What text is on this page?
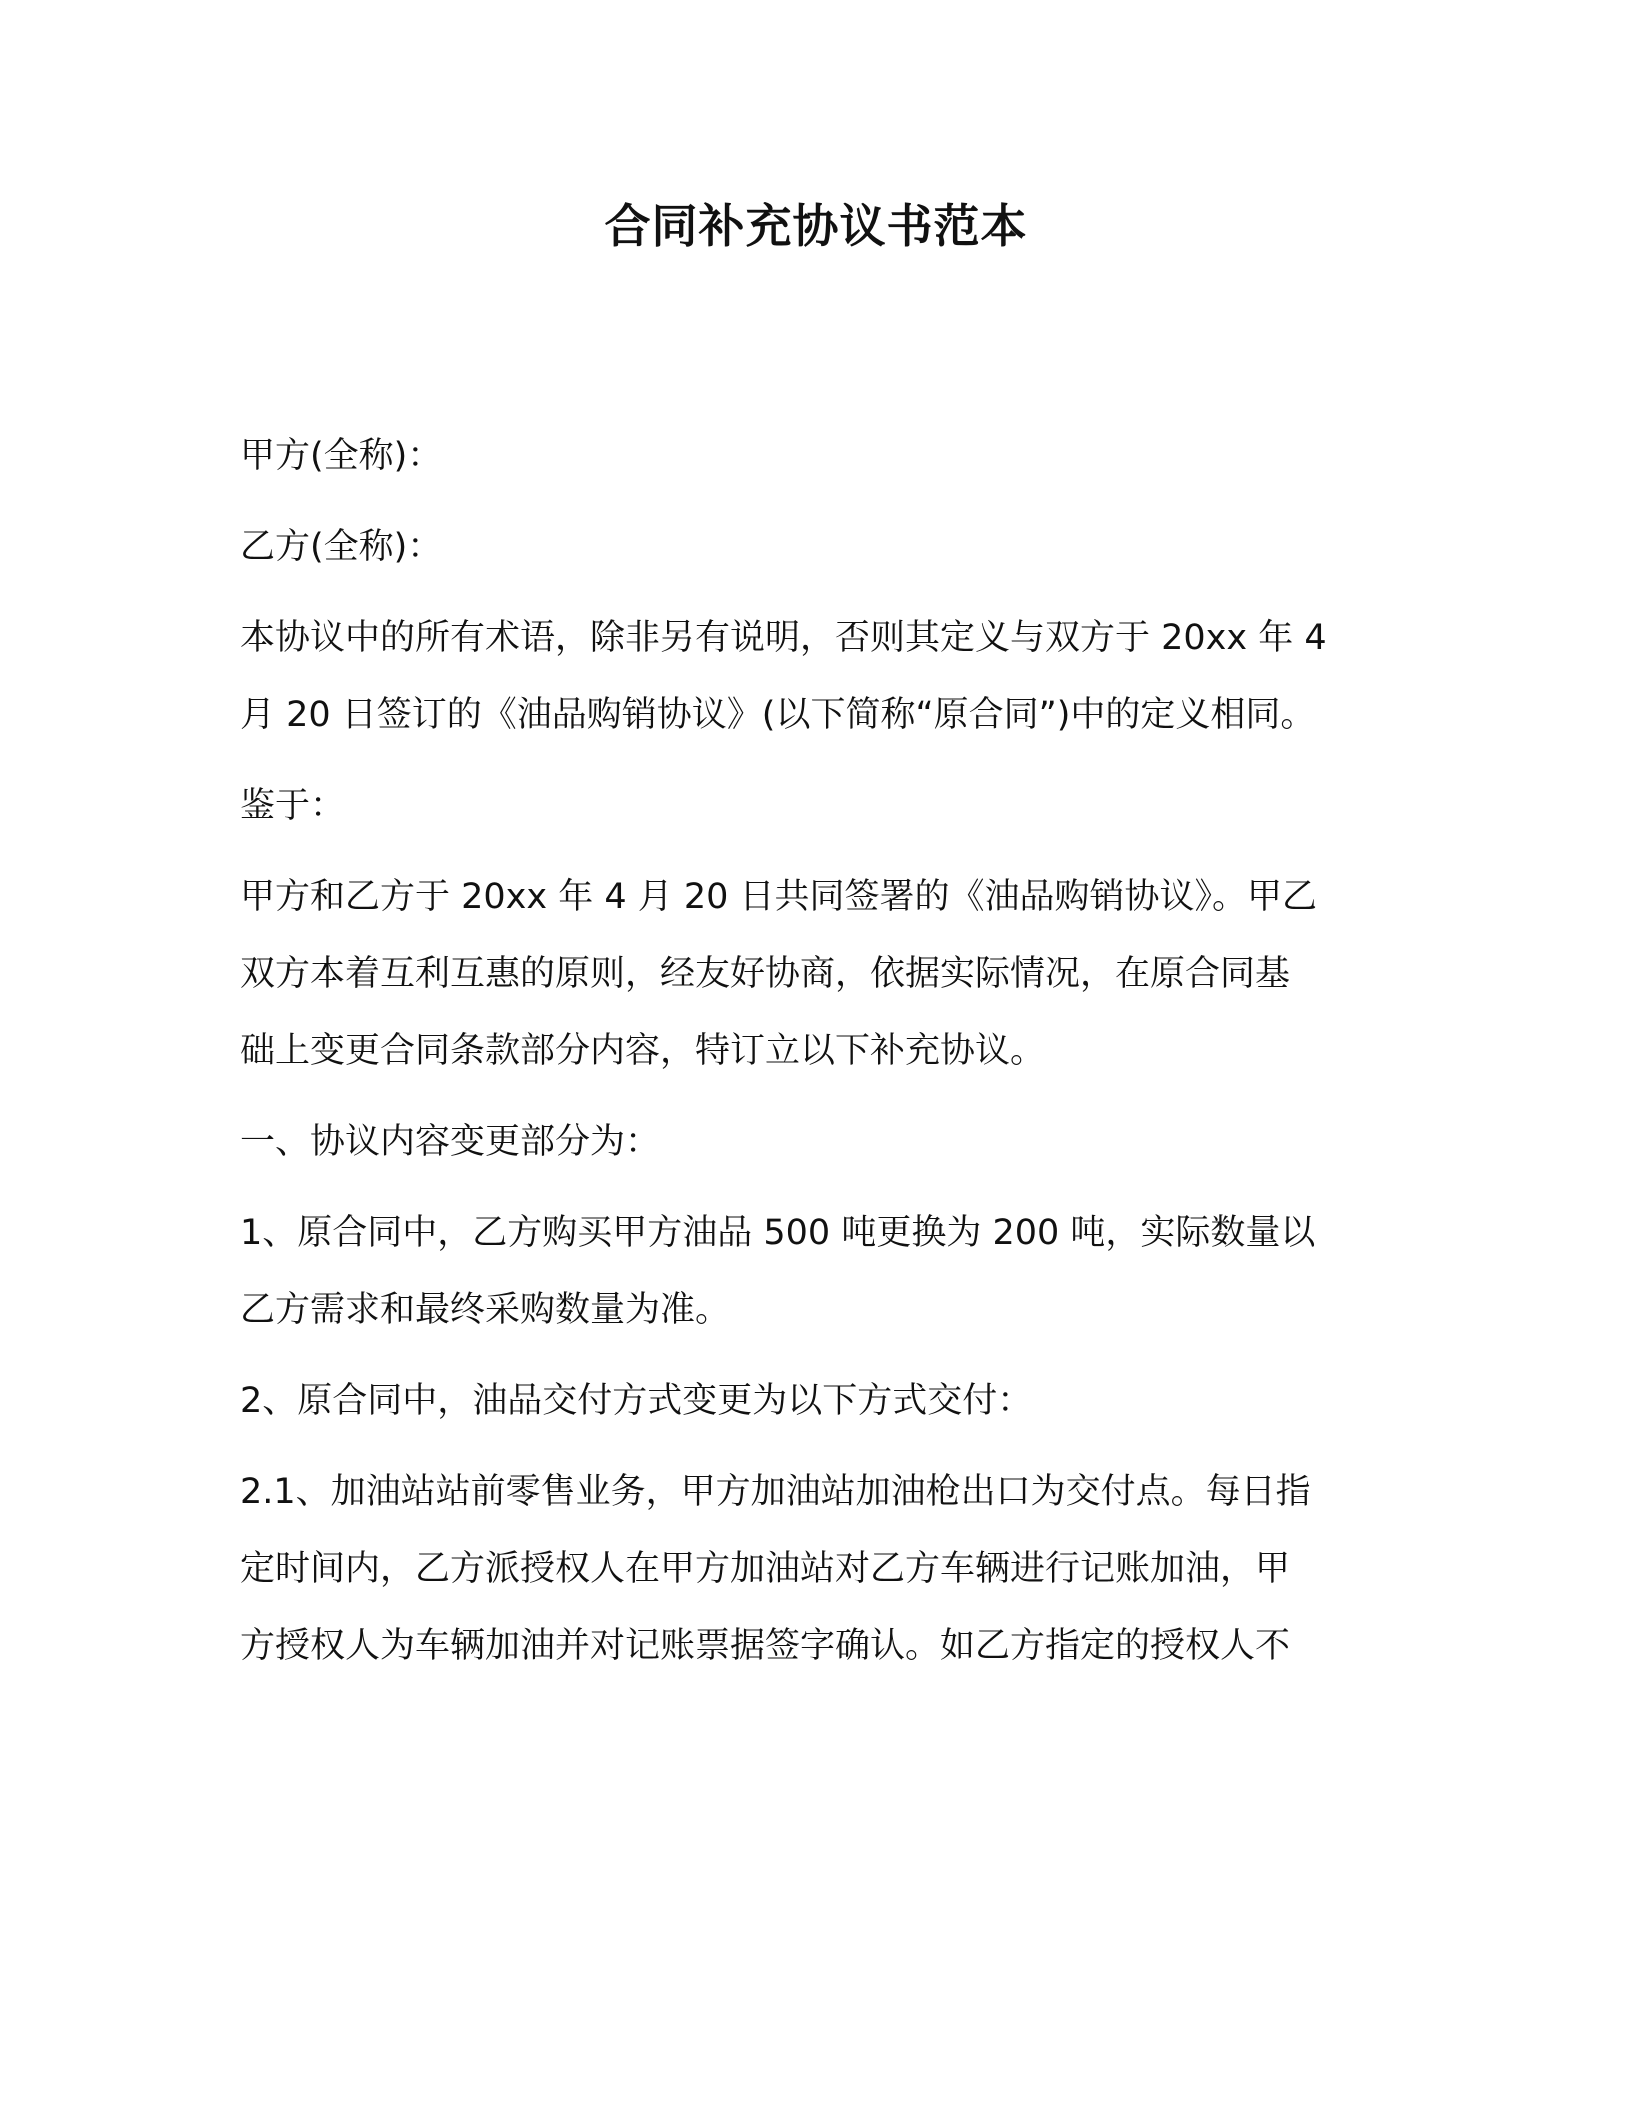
合同补充协议书范本
甲方(全称)：
乙方(全称)：
本协议中的所有术语，除非另有说明，否则其定义与双方于 20xx 年 4
月 20 日签订的《油品购销协议》(以下简称“原合同”)中的定义相同。
鉴于：
甲方和乙方于 20xx 年 4 月 20 日共同签署的《油品购销协议》。甲乙
双方本着互利互惠的原则，经友好协商，依据实际情况，在原合同基
础上变更合同条款部分内容，特订立以下补充协议。
一、协议内容变更部分为：
1、原合同中，乙方购买甲方油品 500 吨更换为 200 吨，实际数量以
乙方需求和最终采购数量为准。
2、原合同中，油品交付方式变更为以下方式交付：
2.1、加油站站前零售业务，甲方加油站加油枪出口为交付点。每日指
定时间内，乙方派授权人在甲方加油站对乙方车辆进行记账加油，甲
方授权人为车辆加油并对记账票据签字确认。如乙方指定的授权人不
